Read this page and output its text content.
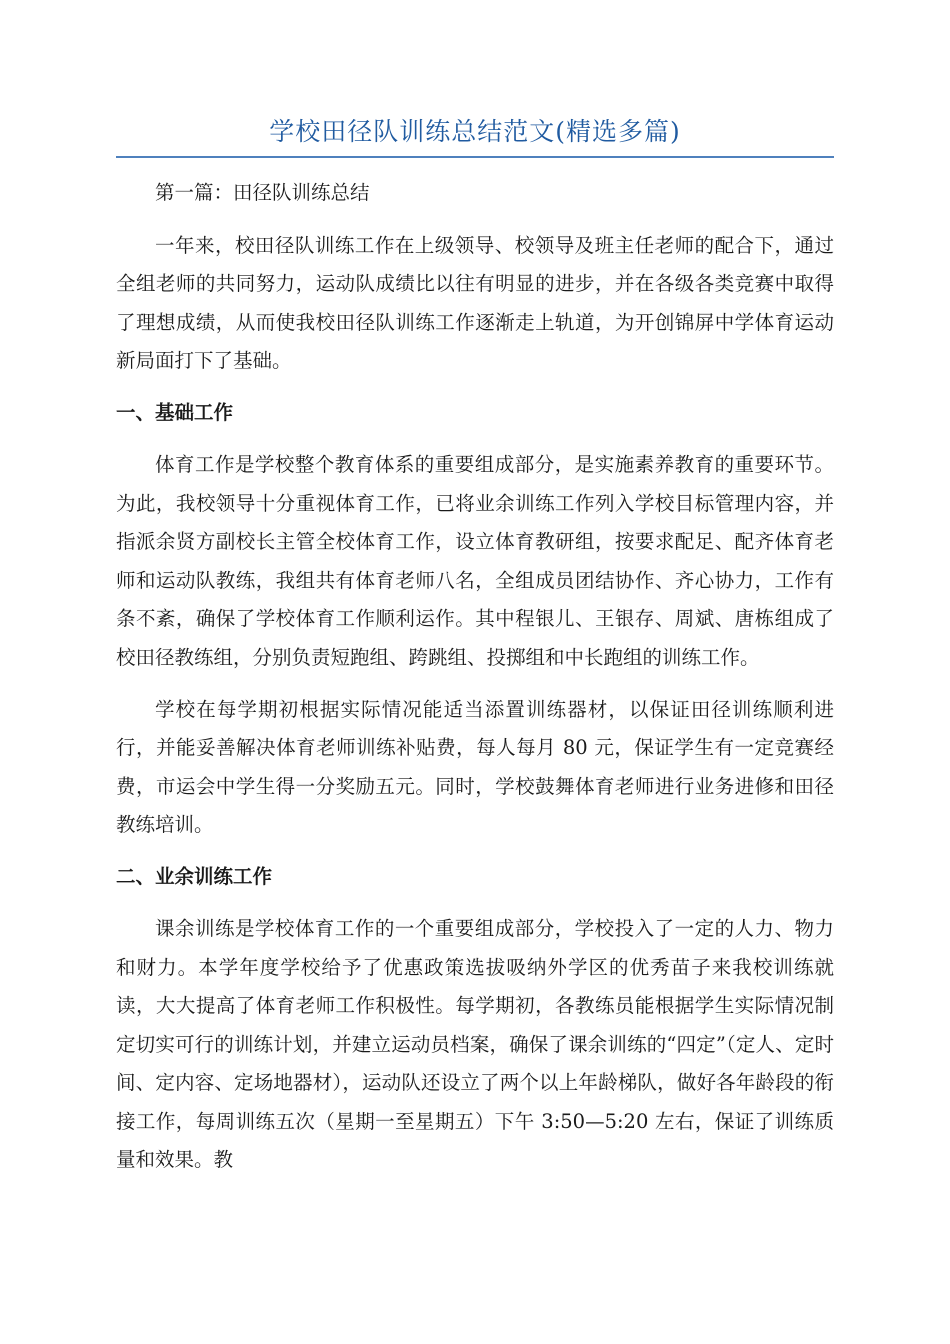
学校田径队训练总结范文(精选多篇)

第一篇：田径队训练总结

一年来，校田径队训练工作在上级领导、校领导及班主任老师的配合下，通过全组老师的共同努力，运动队成绩比以往有明显的进步，并在各级各类竞赛中取得了理想成绩，从而使我校田径队训练工作逐渐走上轨道，为开创锦屏中学体育运动新局面打下了基础。

一、基础工作

体育工作是学校整个教育体系的重要组成部分，是实施素养教育的重要环节。为此，我校领导十分重视体育工作，已将业余训练工作列入学校目标管理内容，并指派余贤方副校长主管全校体育工作，设立体育教研组，按要求配足、配齐体育老师和运动队教练，我组共有体育老师八名，全组成员团结协作、齐心协力，工作有条不紊，确保了学校体育工作顺利运作。其中程银儿、王银存、周斌、唐栋组成了校田径教练组，分别负责短跑组、跨跳组、投掷组和中长跑组的训练工作。

学校在每学期初根据实际情况能适当添置训练器材，以保证田径训练顺利进行，并能妥善解决体育老师训练补贴费，每人每月 80 元，保证学生有一定竞赛经费，市运会中学生得一分奖励五元。同时，学校鼓舞体育老师进行业务进修和田径教练培训。

二、业余训练工作

课余训练是学校体育工作的一个重要组成部分，学校投入了一定的人力、物力和财力。本学年度学校给予了优惠政策选拔吸纳外学区的优秀苗子来我校训练就读，大大提高了体育老师工作积极性。每学期初，各教练员能根据学生实际情况制定切实可行的训练计划，并建立运动员档案，确保了课余训练的“四定”（定人、定时间、定内容、定场地器材），运动队还设立了两个以上年龄梯队，做好各年龄段的衔接工作，每周训练五次（星期一至星期五）下午 3:50—5:20 左右，保证了训练质量和效果。教
